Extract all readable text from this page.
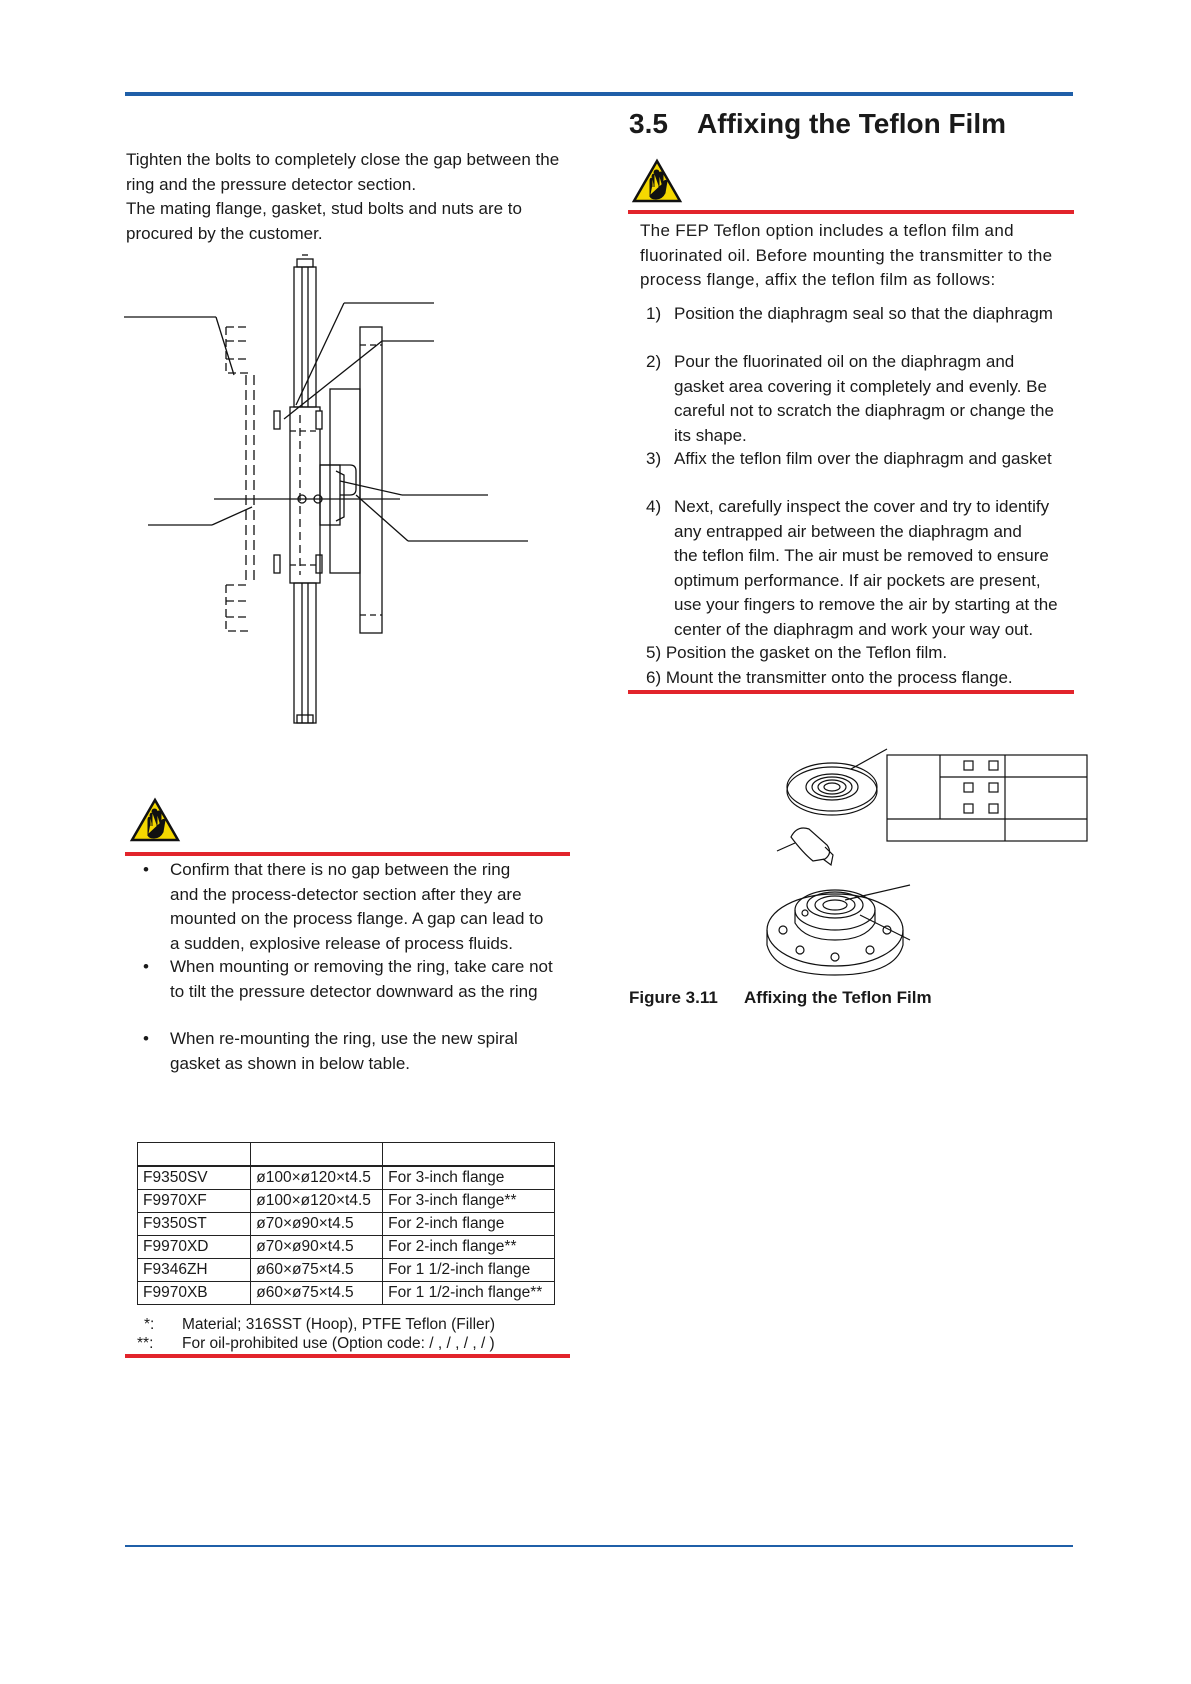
Tighten the bolts to completely close the gap between the
ring and the pressure detector section.
The mating flange, gasket, stud bolts and nuts are to
procured by the customer.
• Confirm that there is no gap between the ring
and the process-detector section after they are
mounted on the process flange. A gap can lead to
a sudden, explosive release of process fluids.
• When mounting or removing the ring, take care not
to tilt the pressure detector downward as the ring
• When re-mounting the ring, use the new spiral
gasket as shown in below table.

F9350SV	ø100×ø120×t4.5	For 3-inch flange
F9970XF	ø100×ø120×t4.5	For 3-inch flange**
F9350ST	ø70×ø90×t4.5	For 2-inch flange
F9970XD	ø70×ø90×t4.5	For 2-inch flange**
F9346ZH	ø60×ø75×t4.5	For 1 1/2-inch flange
F9970XB	ø60×ø75×t4.5	For 1 1/2-inch flange**
*: Material; 316SST (Hoop), PTFE Teflon (Filler)
**: For oil-prohibited use (Option code: / , / , / , / )
3.5 Affixing the Teflon Film
The FEP Teflon option includes a teflon film and
fluorinated oil. Before mounting the transmitter to the
process flange, affix the teflon film as follows:
1) Position the diaphragm seal so that the diaphragm
2) Pour the fluorinated oil on the diaphragm and
gasket area covering it completely and evenly. Be
careful not to scratch the diaphragm or change the
its shape.
3) Affix the teflon film over the diaphragm and gasket
4) Next, carefully inspect the cover and try to identify
any entrapped air between the diaphragm and
the teflon film. The air must be removed to ensure
optimum performance. If air pockets are present,
use your fingers to remove the air by starting at the
center of the diaphragm and work your way out.
5) Position the gasket on the Teflon film.
6) Mount the transmitter onto the process flange.
Figure 3.11 Affixing the Teflon Film
